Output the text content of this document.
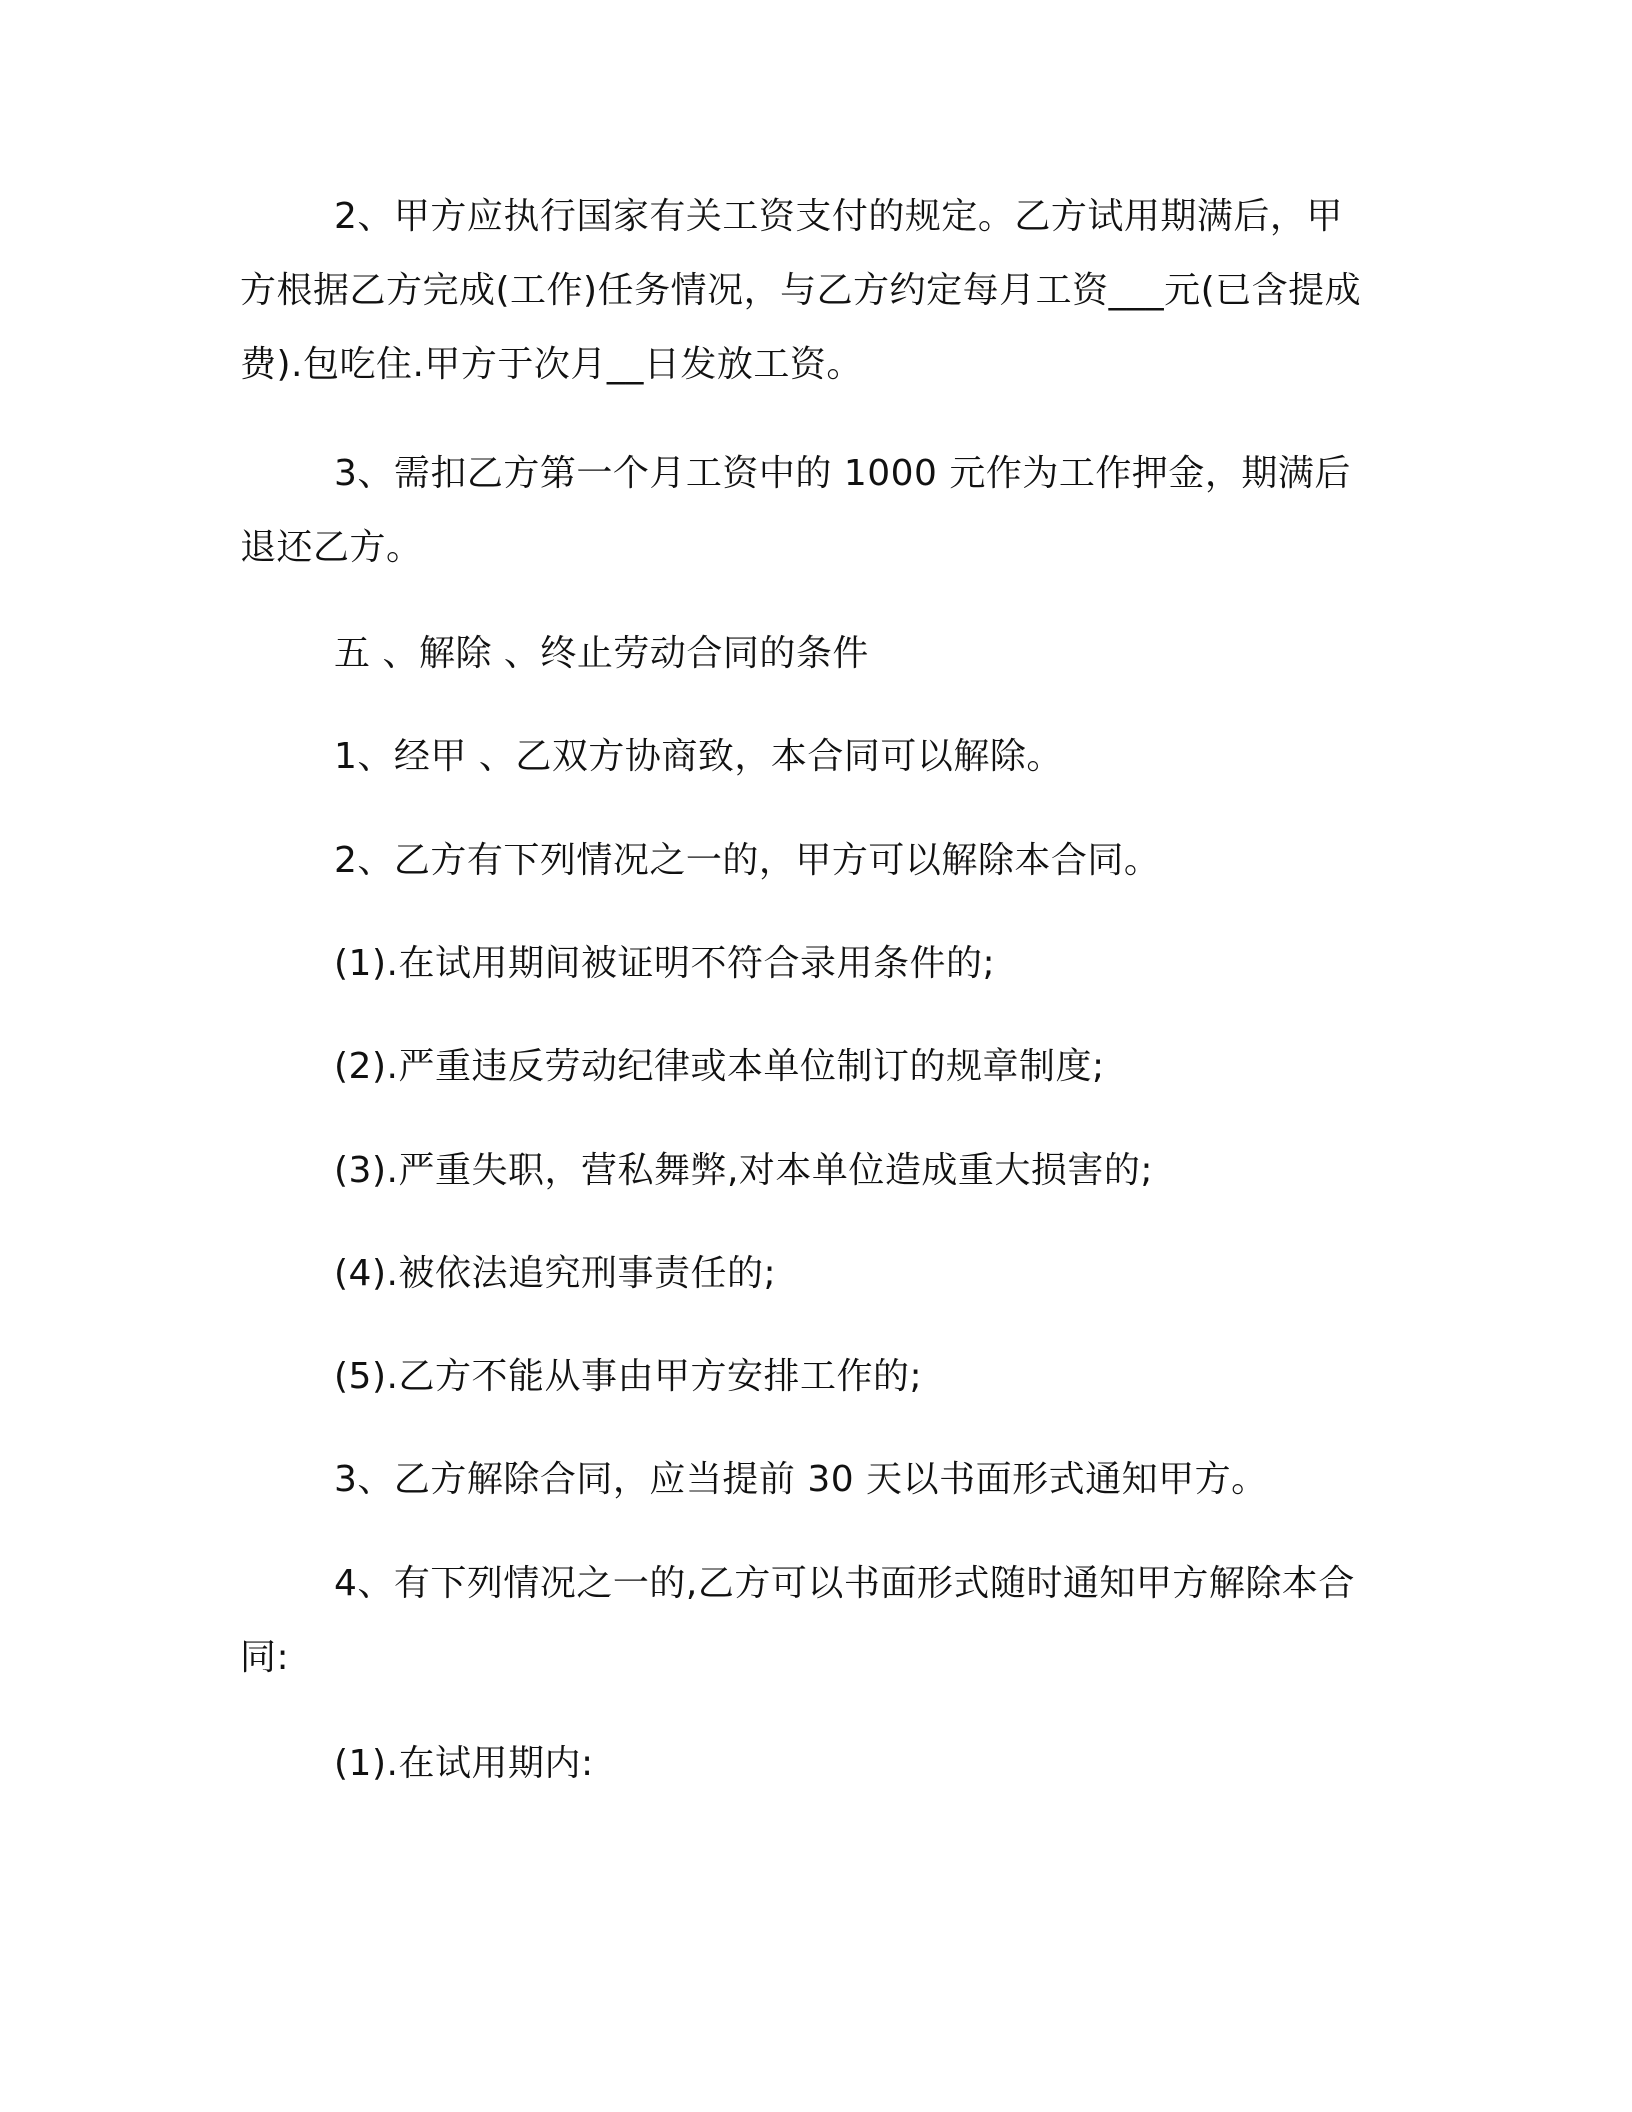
2、甲方应执行国家有关工资支付的规定。乙方试用期满后，甲
方根据乙方完成(工作)任务情况，与乙方约定每月工资___元(已含提成
费).包吃住.甲方于次月__日发放工资。
3、需扣乙方第一个月工资中的 1000 元作为工作押金，期满后
退还乙方。
五 、解除 、终止劳动合同的条件
1、经甲 、乙双方协商致，本合同可以解除。
2、乙方有下列情况之一的，甲方可以解除本合同。
(1).在试用期间被证明不符合录用条件的;
(2).严重违反劳动纪律或本单位制订的规章制度;
(3).严重失职，营私舞弊,对本单位造成重大损害的;
(4).被依法追究刑事责任的;
(5).乙方不能从事由甲方安排工作的;
3、乙方解除合同，应当提前 30 天以书面形式通知甲方。
4、有下列情况之一的,乙方可以书面形式随时通知甲方解除本合
同:
(1).在试用期内:
